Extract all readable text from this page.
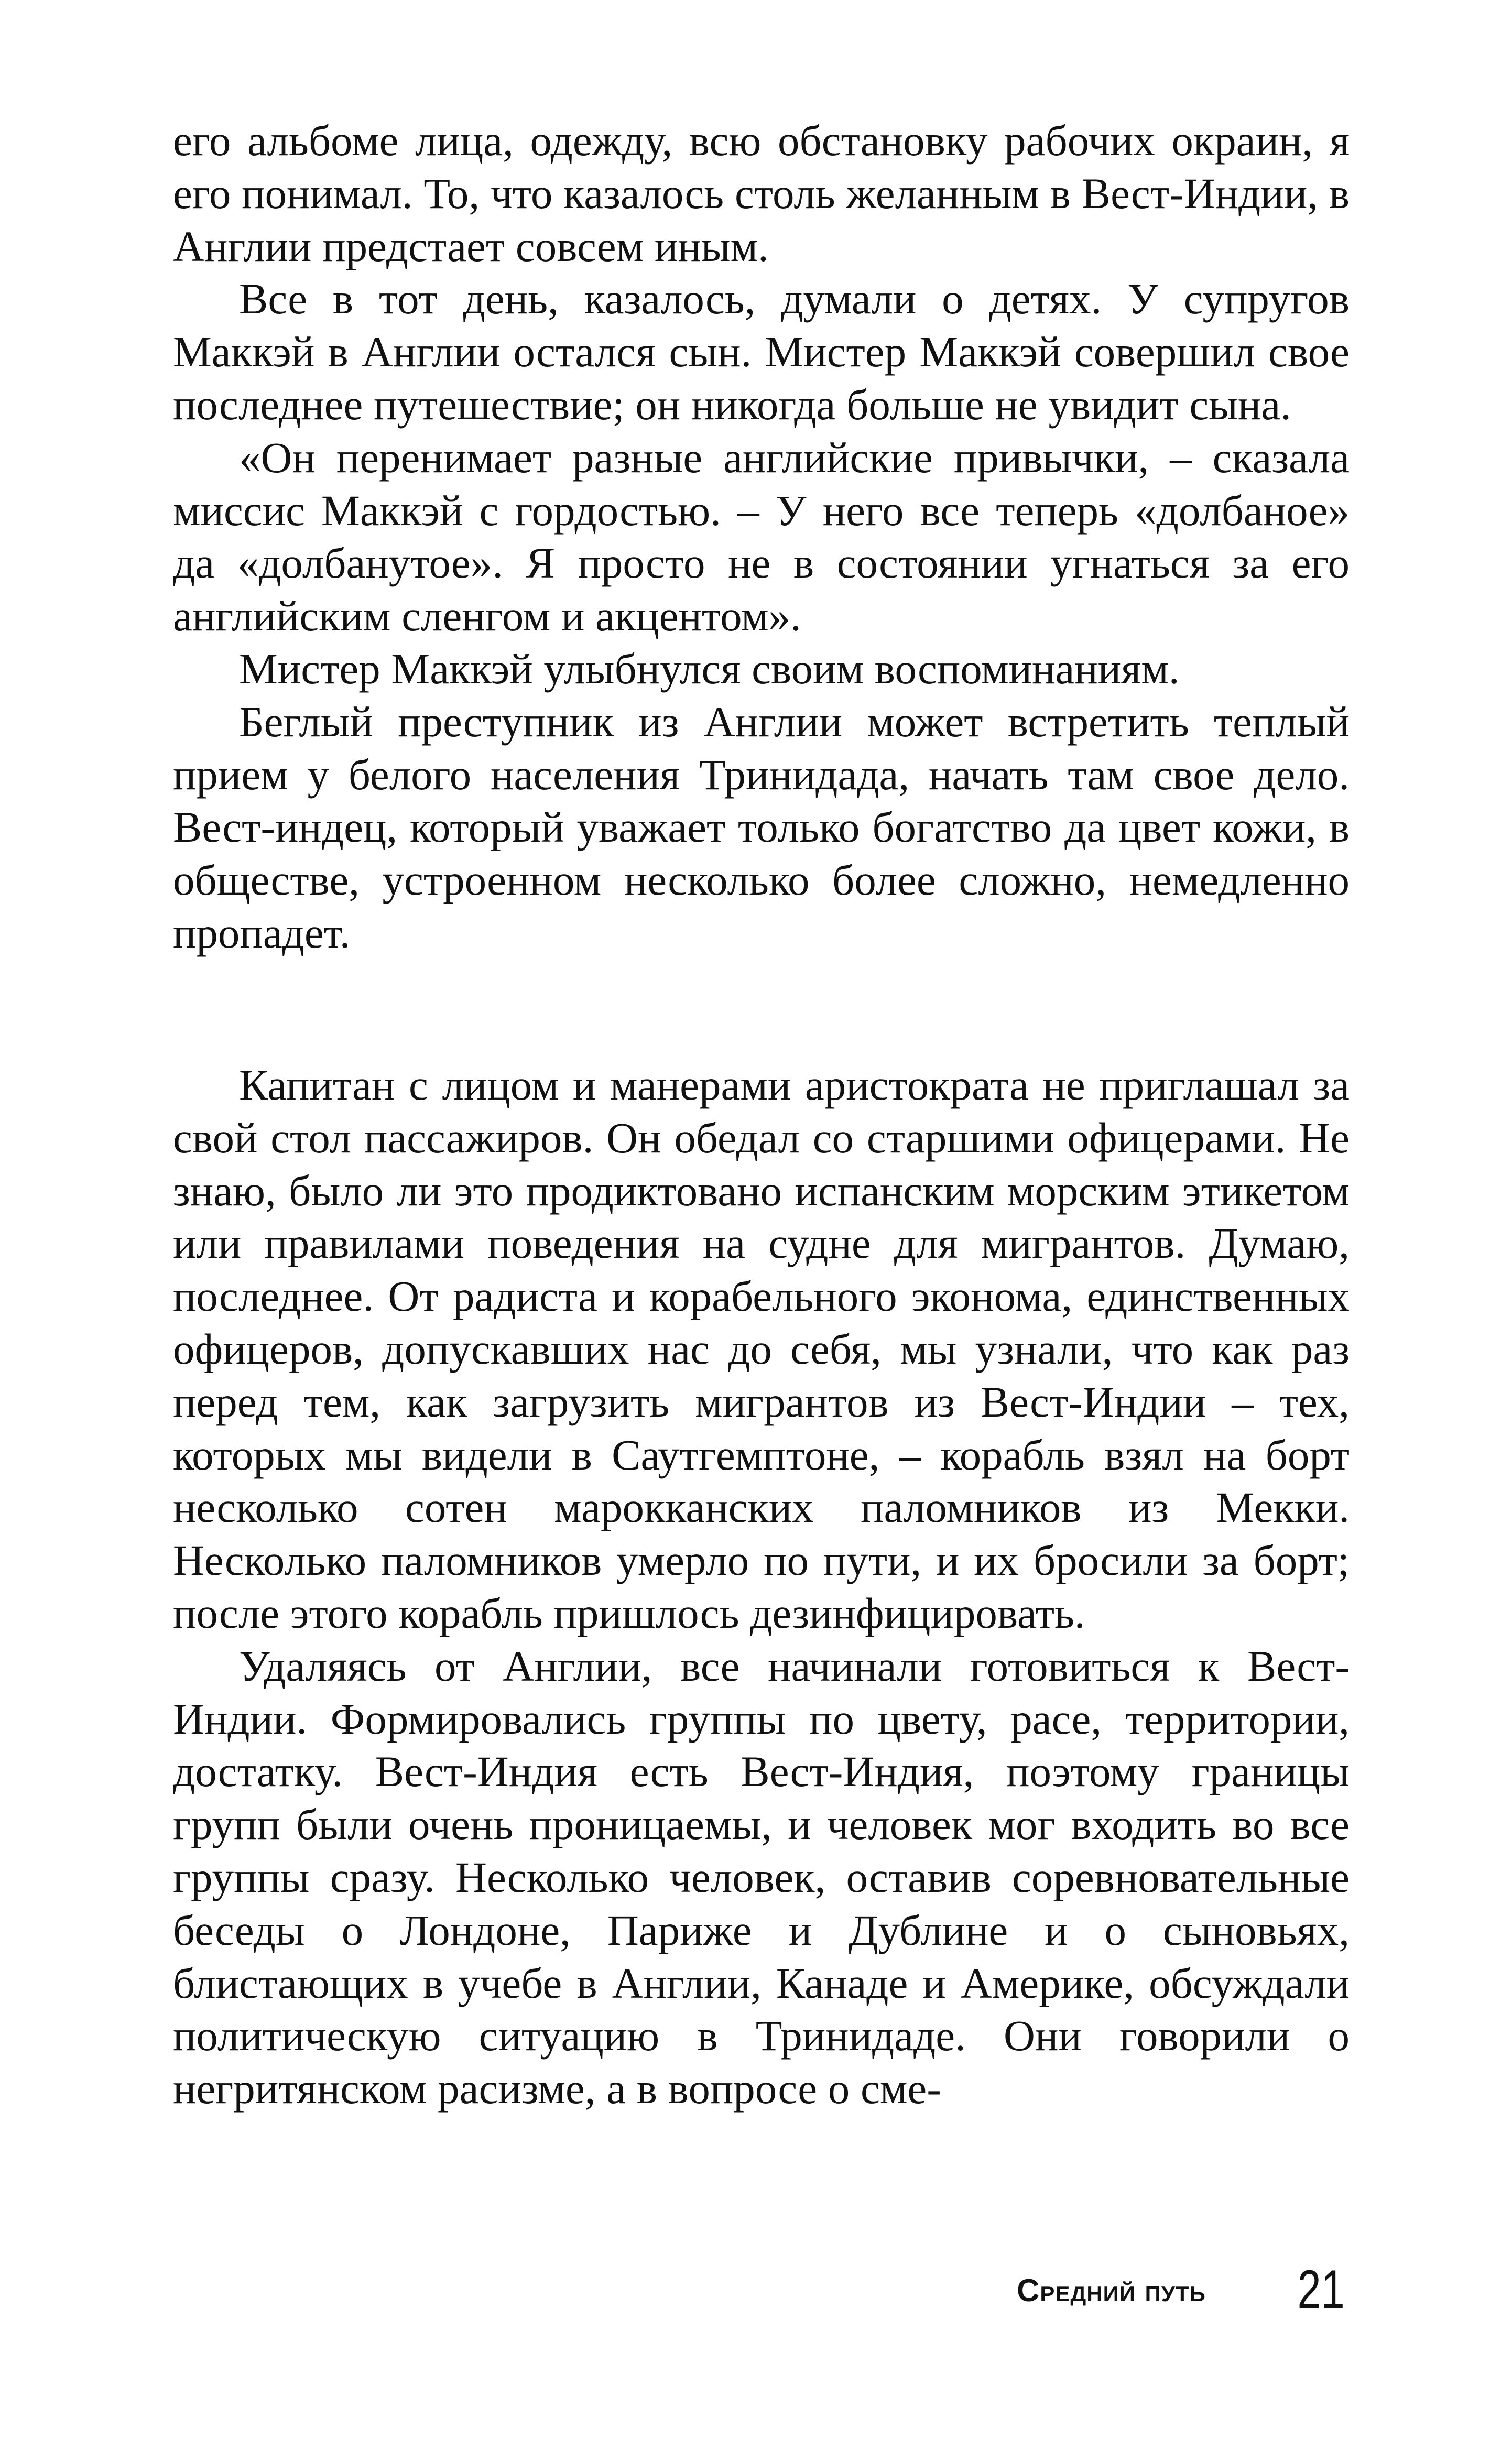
его альбоме лица, одежду, всю обстановку рабочих окраин, я его понимал. То, что казалось столь желанным в Вест-Индии, в Англии предстает совсем иным.

Все в тот день, казалось, думали о детях. У супругов Маккэй в Англии остался сын. Мистер Маккэй совершил свое последнее путешествие; он никогда больше не увидит сына.

«Он перенимает разные английские привычки, – сказала миссис Маккэй с гордостью. – У него все теперь «долбаное» да «долбанутое». Я просто не в состоянии угнаться за его английским сленгом и акцентом».

Мистер Маккэй улыбнулся своим воспоминаниям.

Беглый преступник из Англии может встретить теплый прием у белого населения Тринидада, начать там свое дело. Вест-индец, который уважает только богатство да цвет кожи, в обществе, устроенном несколько более сложно, немедленно пропадет.

Капитан с лицом и манерами аристократа не приглашал за свой стол пассажиров. Он обедал со старшими офицерами. Не знаю, было ли это продиктовано испанским морским этикетом или правилами поведения на судне для мигрантов. Думаю, последнее. От радиста и корабельного эконома, единственных офицеров, допускавших нас до себя, мы узнали, что как раз перед тем, как загрузить мигрантов из Вест-Индии – тех, которых мы видели в Саутгемптоне, – корабль взял на борт несколько сотен марокканских паломников из Мекки. Несколько паломников умерло по пути, и их бросили за борт; после этого корабль пришлось дезинфицировать.

Удаляясь от Англии, все начинали готовиться к Вест-Индии. Формировались группы по цвету, расе, территории, достатку. Вест-Индия есть Вест-Индия, поэтому границы групп были очень проницаемы, и человек мог входить во все группы сразу. Несколько человек, оставив соревновательные беседы о Лондоне, Париже и Дублине и о сыновьях, блистающих в учебе в Англии, Канаде и Америке, обсуждали политическую ситуацию в Тринидаде. Они говорили о негритянском расизме, а в вопросе о сме-

Средний путь 21
